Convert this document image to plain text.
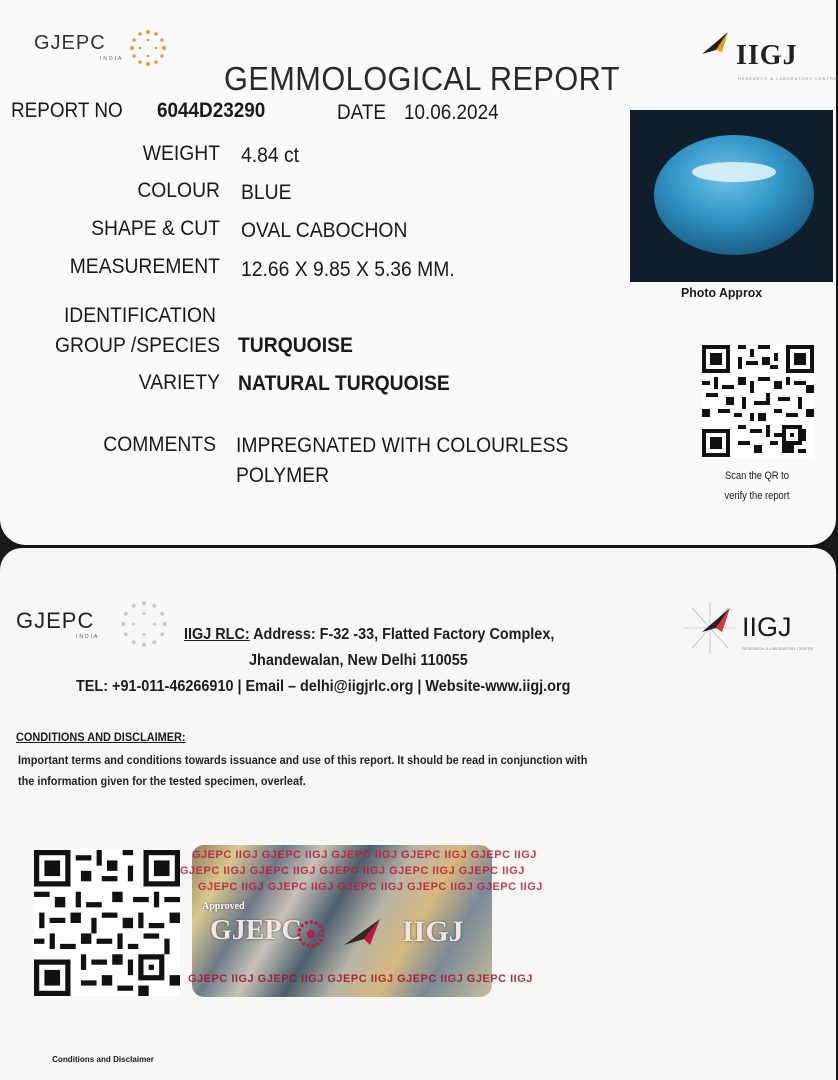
GJEPC
INDIA	IIGJ
RESEARCH & LABORATORY CENTRE
GEMMOLOGICAL REPORT
REPORT NO 6044D23290	DATE 10.06.2024
WEIGHT 4.84 ct
COLOUR BLUE
SHAPE & CUT OVAL CABOCHON
MEASUREMENT 12.66 X 9.85 X 5.36 MM.
IDENTIFICATION
GROUP /SPECIES TURQUOISE
VARIETY NATURAL TURQUOISE
COMMENTS IMPREGNATED WITH COLOURLESS
POLYMER
Photo Approx
Scan the QR to
verify the report
GJEPC
INDIA	IIGJ
RESEARCH & LABORATORY CENTRE
IIGJ RLC: Address: F-32 -33, Flatted Factory Complex,
Jhandewalan, New Delhi 110055
TEL: +91-011-46266910 | Email – delhi@iigjrlc.org | Website-www.iigj.org
CONDITIONS AND DISCLAIMER:
Important terms and conditions towards issuance and use of this report. It should be read in conjunction with
the information given for the tested specimen, overleaf.
Conditions and Disclaimer
GJEPC IIGJ GJEPC IIGJ GJEPC IIGJ GJEPC IIGJ GJEPC IIGJ
GJEPC IIGJ GJEPC IIGJ GJEPC IIGJ GJEPC IIGJ GJEPC IIGJ
GJEPC IIGJ GJEPC IIGJ GJEPC IIGJ GJEPC IIGJ GJEPC IIGJ
GJEPC IIGJ GJEPC IIGJ GJEPC IIGJ GJEPC IIGJ GJEPC IIGJ
Approved
GJEPC	IIGJ
